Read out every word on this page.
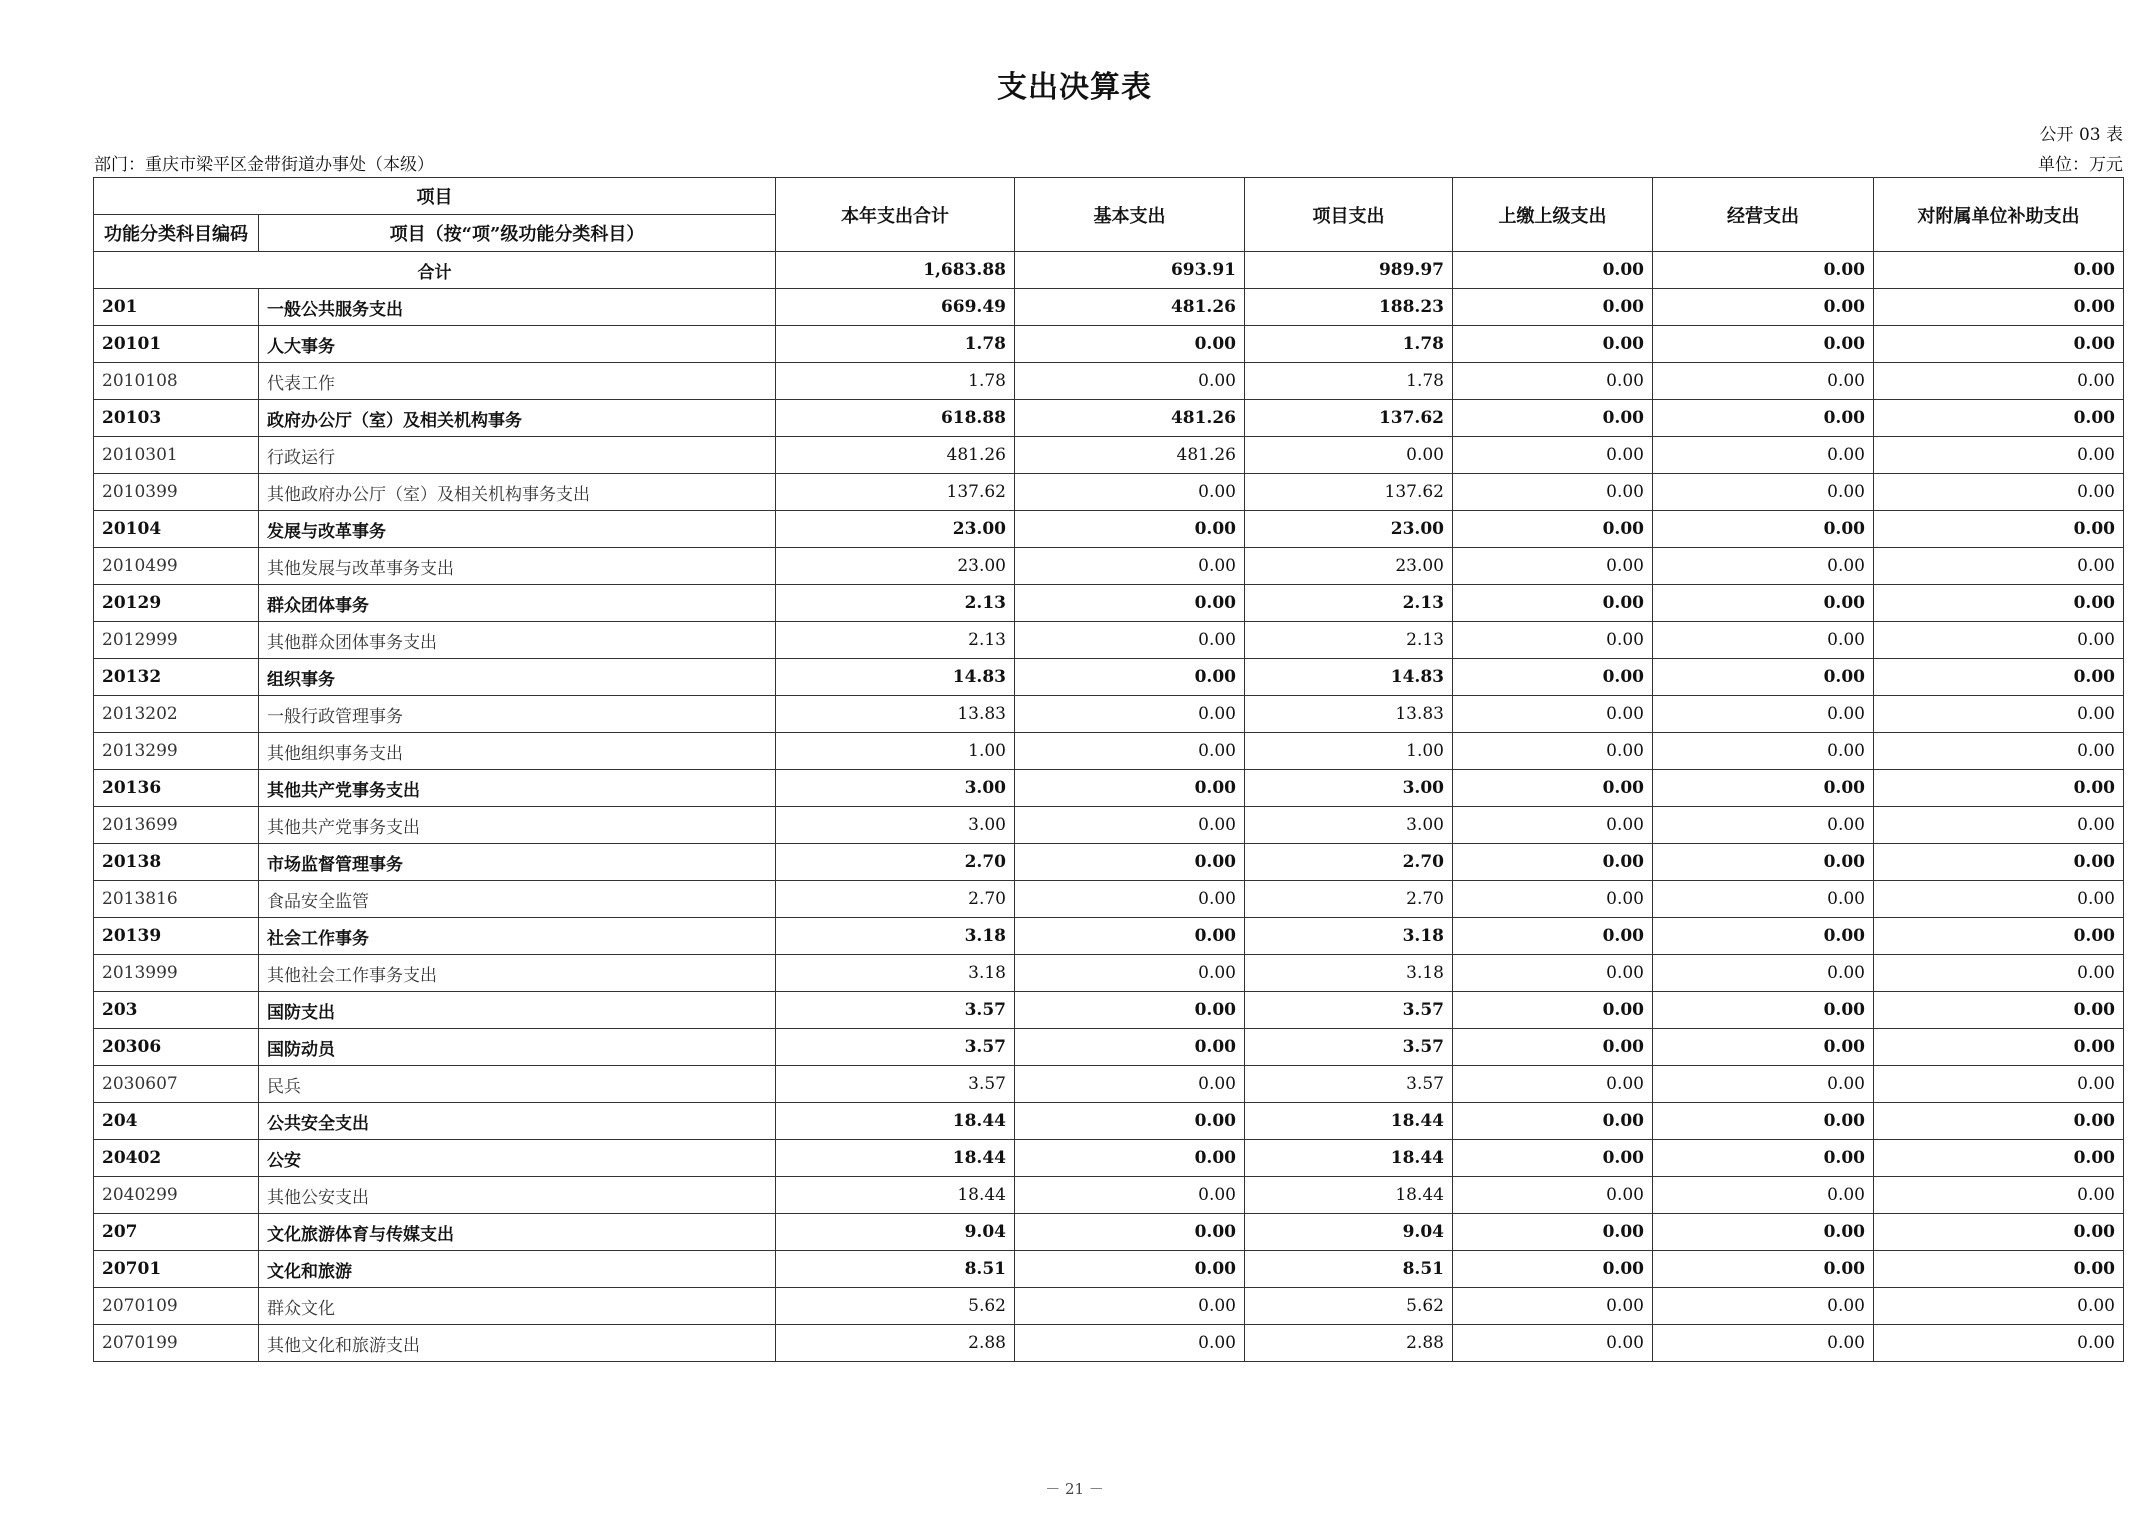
支出决算表
公开 03 表
部门：重庆市梁平区金带街道办事处（本级）	单位：万元
项目		本年支出合计	基本支出	项目支出	上缴上级支出	经营支出	对附属单位补助支出
功能分类科目编码	项目（按“项”级功能分类科目）						
合计		1,683.88	693.91	989.97	0.00	0.00	0.00
201	一般公共服务支出	669.49	481.26	188.23	0.00	0.00	0.00
20101	人大事务	1.78	0.00	1.78	0.00	0.00	0.00
2010108	代表工作	1.78	0.00	1.78	0.00	0.00	0.00
20103	政府办公厅（室）及相关机构事务	618.88	481.26	137.62	0.00	0.00	0.00
2010301	行政运行	481.26	481.26	0.00	0.00	0.00	0.00
2010399	其他政府办公厅（室）及相关机构事务支出	137.62	0.00	137.62	0.00	0.00	0.00
20104	发展与改革事务	23.00	0.00	23.00	0.00	0.00	0.00
2010499	其他发展与改革事务支出	23.00	0.00	23.00	0.00	0.00	0.00
20129	群众团体事务	2.13	0.00	2.13	0.00	0.00	0.00
2012999	其他群众团体事务支出	2.13	0.00	2.13	0.00	0.00	0.00
20132	组织事务	14.83	0.00	14.83	0.00	0.00	0.00
2013202	一般行政管理事务	13.83	0.00	13.83	0.00	0.00	0.00
2013299	其他组织事务支出	1.00	0.00	1.00	0.00	0.00	0.00
20136	其他共产党事务支出	3.00	0.00	3.00	0.00	0.00	0.00
2013699	其他共产党事务支出	3.00	0.00	3.00	0.00	0.00	0.00
20138	市场监督管理事务	2.70	0.00	2.70	0.00	0.00	0.00
2013816	食品安全监管	2.70	0.00	2.70	0.00	0.00	0.00
20139	社会工作事务	3.18	0.00	3.18	0.00	0.00	0.00
2013999	其他社会工作事务支出	3.18	0.00	3.18	0.00	0.00	0.00
203	国防支出	3.57	0.00	3.57	0.00	0.00	0.00
20306	国防动员	3.57	0.00	3.57	0.00	0.00	0.00
2030607	民兵	3.57	0.00	3.57	0.00	0.00	0.00
204	公共安全支出	18.44	0.00	18.44	0.00	0.00	0.00
20402	公安	18.44	0.00	18.44	0.00	0.00	0.00
2040299	其他公安支出	18.44	0.00	18.44	0.00	0.00	0.00
207	文化旅游体育与传媒支出	9.04	0.00	9.04	0.00	0.00	0.00
20701	文化和旅游	8.51	0.00	8.51	0.00	0.00	0.00
2070109	群众文化	5.62	0.00	5.62	0.00	0.00	0.00
2070199	其他文化和旅游支出	2.88	0.00	2.88	0.00	0.00	0.00
－ 21 －
